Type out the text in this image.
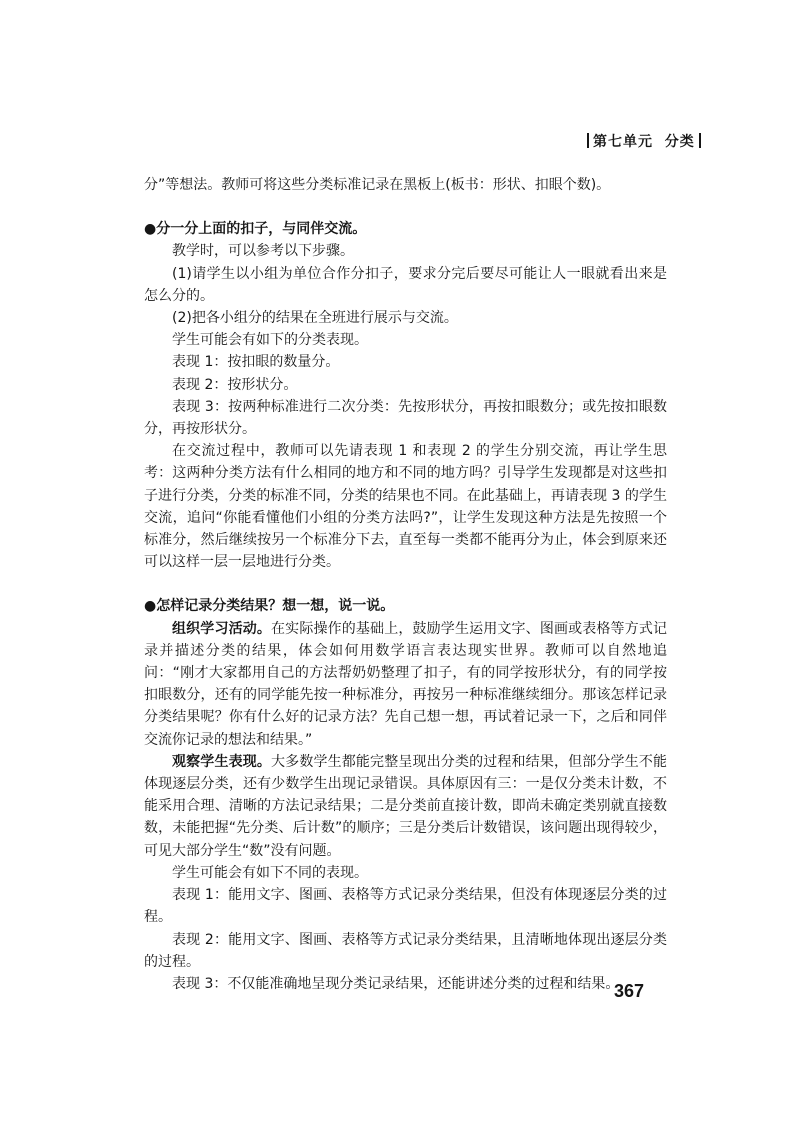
第七单元 分类

分”等想法。教师可将这些分类标准记录在黑板上(板书：形状、扣眼个数)。

●分一分上面的扣子，与同伴交流。

教学时，可以参考以下步骤。

(1)请学生以小组为单位合作分扣子，要求分完后要尽可能让人一眼就看出来是怎么分的。

(2)把各小组分的结果在全班进行展示与交流。

学生可能会有如下的分类表现。

表现 1：按扣眼的数量分。

表现 2：按形状分。

表现 3：按两种标准进行二次分类：先按形状分，再按扣眼数分；或先按扣眼数分，再按形状分。

在交流过程中，教师可以先请表现 1 和表现 2 的学生分别交流，再让学生思考：这两种分类方法有什么相同的地方和不同的地方吗？引导学生发现都是对这些扣子进行分类，分类的标准不同，分类的结果也不同。在此基础上，再请表现 3 的学生交流，追问“你能看懂他们小组的分类方法吗?”，让学生发现这种方法是先按照一个标准分，然后继续按另一个标准分下去，直至每一类都不能再分为止，体会到原来还可以这样一层一层地进行分类。

●怎样记录分类结果？想一想，说一说。

组织学习活动。在实际操作的基础上，鼓励学生运用文字、图画或表格等方式记录并描述分类的结果，体会如何用数学语言表达现实世界。教师可以自然地追问：“刚才大家都用自己的方法帮奶奶整理了扣子，有的同学按形状分，有的同学按扣眼数分，还有的同学能先按一种标准分，再按另一种标准继续细分。那该怎样记录分类结果呢？你有什么好的记录方法？先自己想一想，再试着记录一下，之后和同伴交流你记录的想法和结果。”

观察学生表现。大多数学生都能完整呈现出分类的过程和结果，但部分学生不能体现逐层分类，还有少数学生出现记录错误。具体原因有三：一是仅分类未计数，不能采用合理、清晰的方法记录结果；二是分类前直接计数，即尚未确定类别就直接数数，未能把握“先分类、后计数”的顺序；三是分类后计数错误，该问题出现得较少，可见大部分学生“数”没有问题。

学生可能会有如下不同的表现。

表现 1：能用文字、图画、表格等方式记录分类结果，但没有体现逐层分类的过程。

表现 2：能用文字、图画、表格等方式记录分类结果，且清晰地体现出逐层分类的过程。

表现 3：不仅能准确地呈现分类记录结果，还能讲述分类的过程和结果。

367
